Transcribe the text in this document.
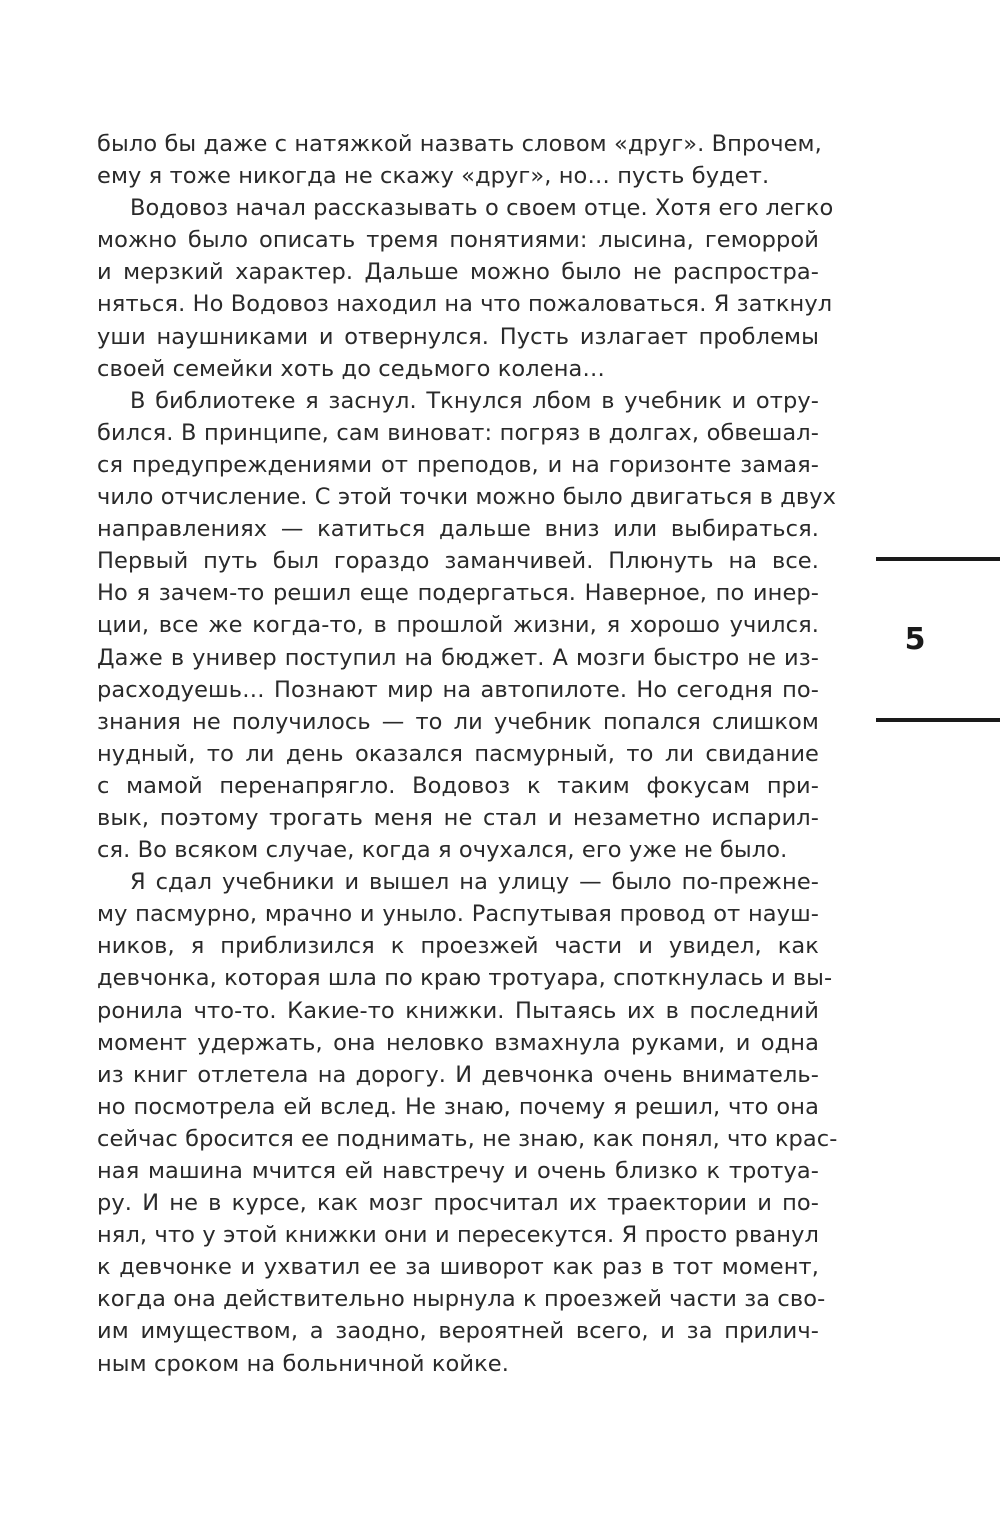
было бы даже с натяжкой назвать словом «друг». Впрочем,
ему я тоже никогда не скажу «друг», но… пусть будет.
Водовоз начал рассказывать о своем отце. Хотя его легко
можно было описать тремя понятиями: лысина, геморрой
и мерзкий характер. Дальше можно было не распростра-
няться. Но Водовоз находил на что пожаловаться. Я заткнул
уши наушниками и отвернулся. Пусть излагает проблемы
своей семейки хоть до седьмого колена…
В библиотеке я заснул. Ткнулся лбом в учебник и отру-
бился. В принципе, сам виноват: погряз в долгах, обвешал-
ся предупреждениями от преподов, и на горизонте замая-
чило отчисление. С этой точки можно было двигаться в двух
направлениях — катиться дальше вниз или выбираться.
Первый путь был гораздо заманчивей. Плюнуть на все.
Но я зачем-то решил еще подергаться. Наверное, по инер-
ции, все же когда-то, в прошлой жизни, я хорошо учился.
Даже в универ поступил на бюджет. А мозги быстро не из-
расходуешь… Познают мир на автопилоте. Но сегодня по-
знания не получилось — то ли учебник попался слишком
нудный, то ли день оказался пасмурный, то ли свидание
с мамой перенапрягло. Водовоз к таким фокусам при-
вык, поэтому трогать меня не стал и незаметно испарил-
ся. Во всяком случае, когда я очухался, его уже не было.
Я сдал учебники и вышел на улицу — было по-прежне-
му пасмурно, мрачно и уныло. Распутывая провод от науш-
ников, я приблизился к проезжей части и увидел, как
девчонка, которая шла по краю тротуара, споткнулась и вы-
ронила что-то. Какие-то книжки. Пытаясь их в последний
момент удержать, она неловко взмахнула руками, и одна
из книг отлетела на дорогу. И девчонка очень вниматель-
но посмотрела ей вслед. Не знаю, почему я решил, что она
сейчас бросится ее поднимать, не знаю, как понял, что крас-
ная машина мчится ей навстречу и очень близко к тротуа-
ру. И не в курсе, как мозг просчитал их траектории и по-
нял, что у этой книжки они и пересекутся. Я просто рванул
к девчонке и ухватил ее за шиворот как раз в тот момент,
когда она действительно нырнула к проезжей части за сво-
им имуществом, а заодно, вероятней всего, и за прилич-
ным сроком на больничной койке.
5
